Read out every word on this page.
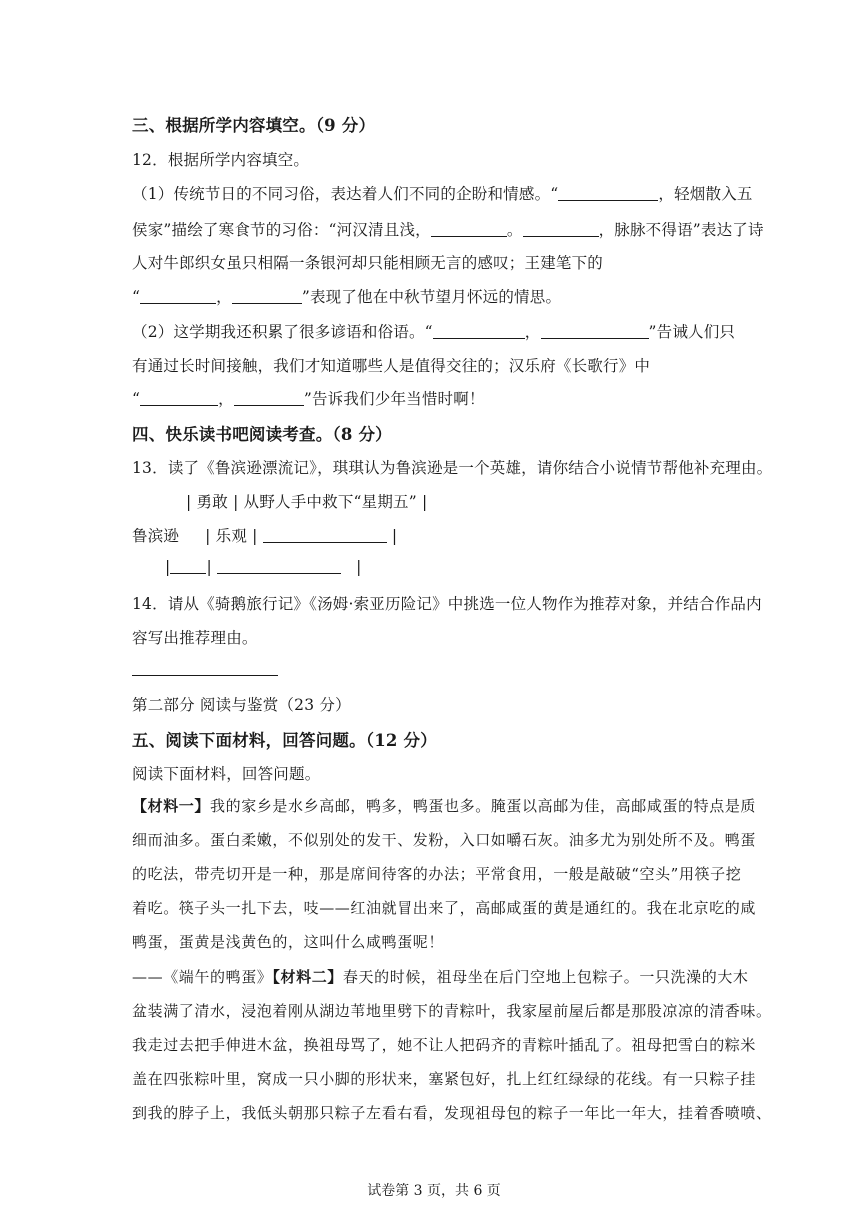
三、根据所学内容填空。（9 分）
12．根据所学内容填空。
（1）传统节日的不同习俗，表达着人们不同的企盼和情感。“	，轻烟散入五
侯家”描绘了寒食节的习俗：“河汉清且浅，	。	，脉脉不得语”表达了诗
人对牛郎织女虽只相隔一条银河却只能相顾无言的感叹；王建笔下的
“	，	”表现了他在中秋节望月怀远的情思。
（2）这学期我还积累了很多谚语和俗语。“	，	”告诫人们只
有通过长时间接触，我们才知道哪些人是值得交往的；汉乐府《长歌行》中
“	，	”告诉我们少年当惜时啊！
四、快乐读书吧阅读考查。（8 分）
13．读了《鲁滨逊漂流记》，琪琪认为鲁滨逊是一个英雄，请你结合小说情节帮他补充理由。
| 勇敢 | 从野人手中救下“星期五” |
鲁滨逊 | 乐观 |	|
| |	|
14．请从《骑鹅旅行记》《汤姆·索亚历险记》中挑选一位人物作为推荐对象，并结合作品内
容写出推荐理由。
第二部分 阅读与鉴赏（23 分）
五、阅读下面材料，回答问题。（12 分）
阅读下面材料，回答问题。
【材料一】我的家乡是水乡高邮，鸭多，鸭蛋也多。腌蛋以高邮为佳，高邮咸蛋的特点是质
细而油多。蛋白柔嫩，不似别处的发干、发粉，入口如嚼石灰。油多尤为别处所不及。鸭蛋
的吃法，带壳切开是一种，那是席间待客的办法；平常食用，一般是敲破“空头”用筷子挖
着吃。筷子头一扎下去，吱——红油就冒出来了，高邮咸蛋的黄是通红的。我在北京吃的咸
鸭蛋，蛋黄是浅黄色的，这叫什么咸鸭蛋呢！
——《端午的鸭蛋》【材料二】春天的时候，祖母坐在后门空地上包粽子。一只洗澡的大木
盆装满了清水，浸泡着刚从湖边苇地里劈下的青粽叶，我家屋前屋后都是那股凉凉的清香味。
我走过去把手伸进木盆，换祖母骂了，她不让人把码齐的青粽叶插乱了。祖母把雪白的粽米
盖在四张粽叶里，窝成一只小脚的形状来，塞紧包好，扎上红红绿绿的花线。有一只粽子挂
到我的脖子上，我低头朝那只粽子左看右看，发现祖母包的粽子一年比一年大，挂着香喷喷、
试卷第 3 页，共 6 页
